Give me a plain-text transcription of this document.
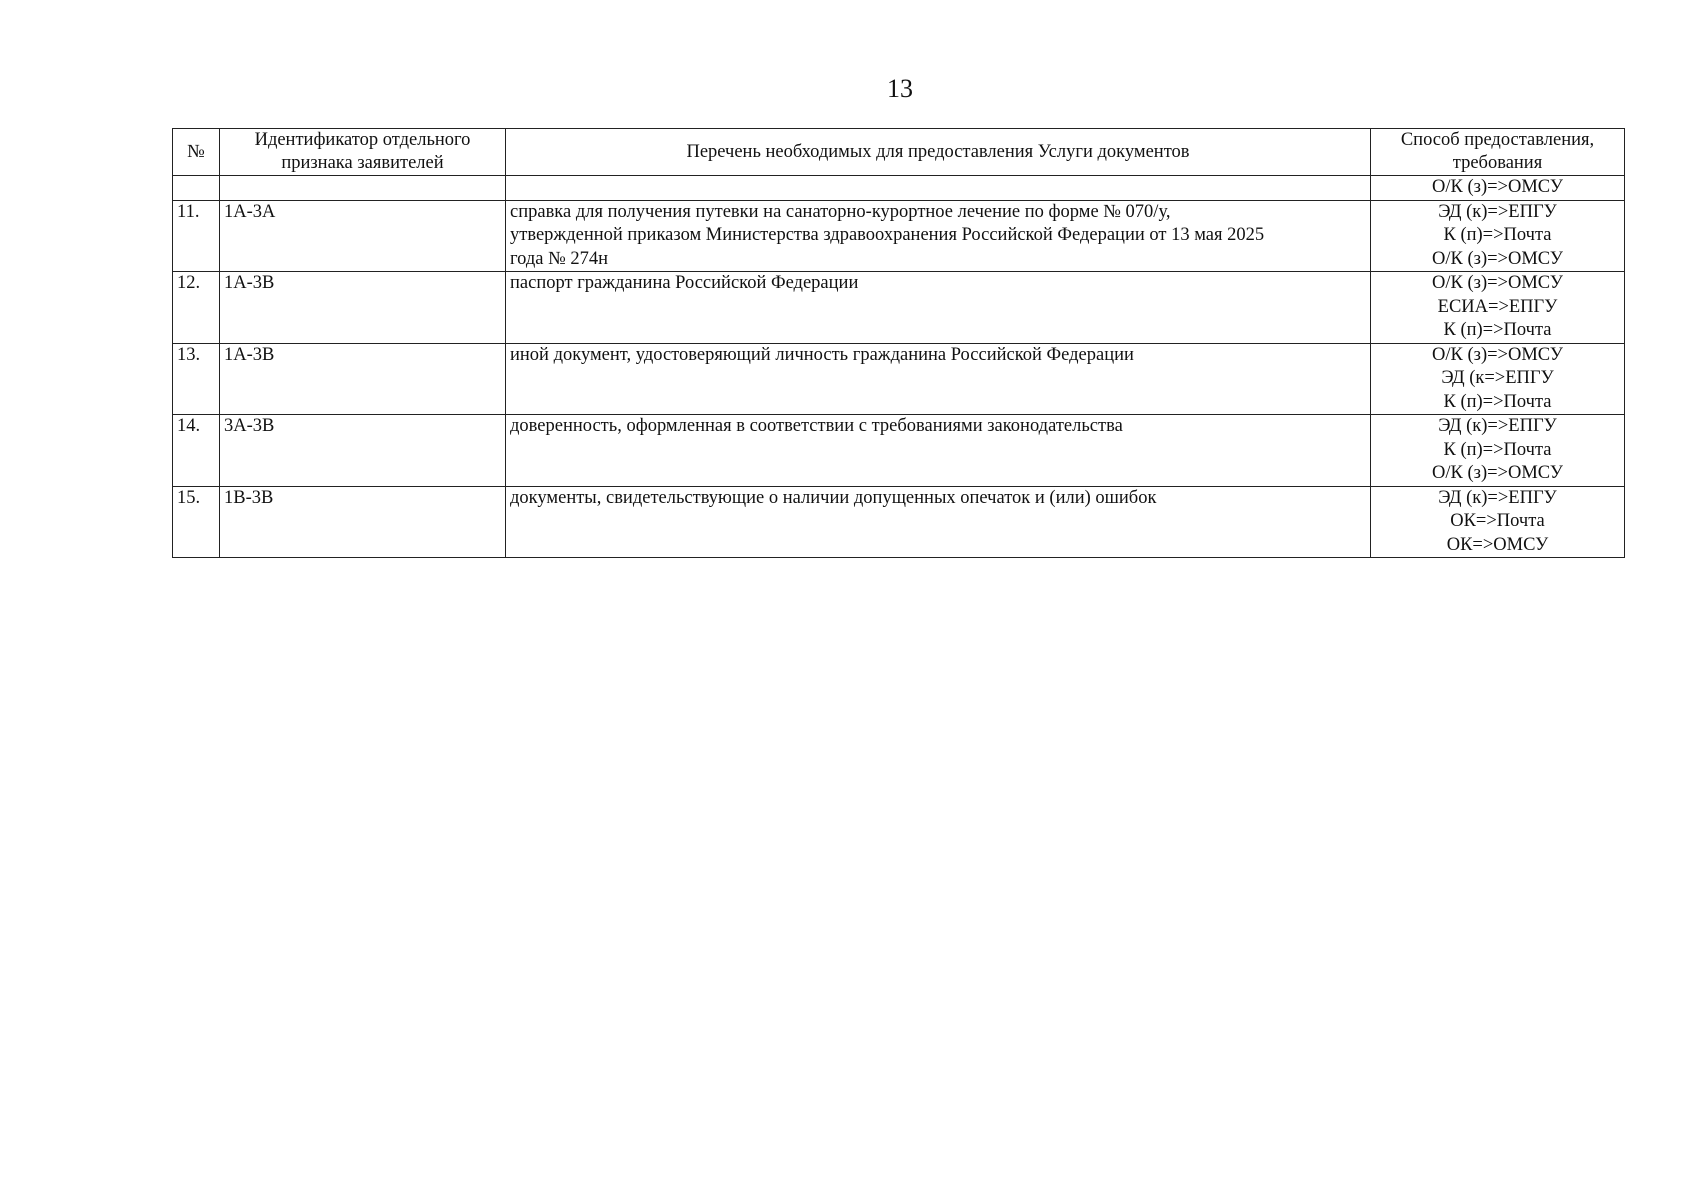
13
№	Идентификатор отдельного признака заявителей	Перечень необходимых для предоставления Услуги документов	Способ предоставления, требования

			О/К (з)=>ОМСУ

11.	1А-3А	справка для получения путевки на санаторно-курортное лечение по форме № 070/у,
утвержденной приказом Министерства здравоохранения Российской Федерации от 13 мая 2025
года № 274н	ЭД (к)=>ЕПГУ
К (п)=>Почта
О/К (з)=>ОМСУ

12.	1А-3В	паспорт гражданина Российской Федерации	О/К (з)=>ОМСУ
ЕСИА=>ЕПГУ
К (п)=>Почта

13.	1А-3В	иной документ, удостоверяющий личность гражданина Российской Федерации	О/К (з)=>ОМСУ
ЭД (к=>ЕПГУ
К (п)=>Почта

14.	3А-3В	доверенность, оформленная в соответствии с требованиями законодательства	ЭД (к)=>ЕПГУ
К (п)=>Почта
О/К (з)=>ОМСУ

15.	1В-3В	документы, свидетельствующие о наличии допущенных опечаток и (или) ошибок	ЭД (к)=>ЕПГУ
ОК=>Почта
ОК=>ОМСУ
